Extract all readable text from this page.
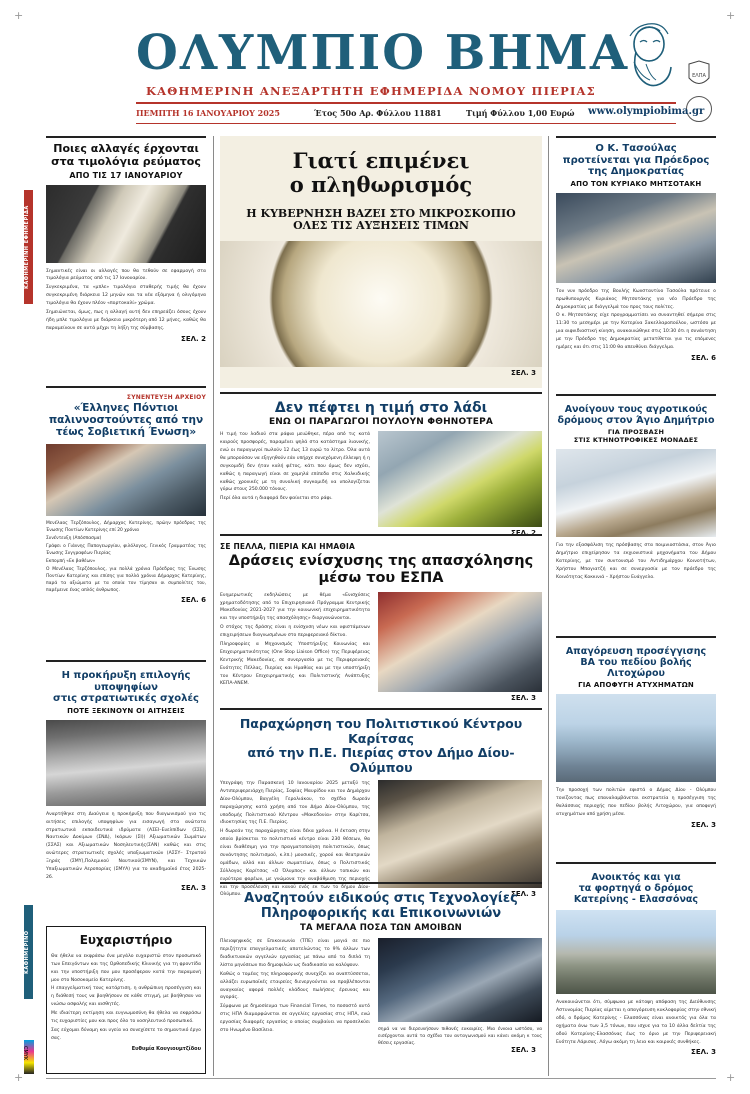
+	+
+	+
ΚΑΘΗΜΕΡΙΝΗ ΕΦΗΜΕΡΙΔΑ
ΚΑΘΗΜΕΡΙΝΟ
CMYK
ΟΛΥΜΠΙΟ ΒΗΜΑ	ΕΛΠΑ
ΚΑΘΗΜΕΡΙΝΗ ΑΝΕΞΑΡΤΗΤΗ ΕΦΗΜΕΡΙΔΑ ΝΟΜΟΥ ΠΙΕΡΙΑΣ
ΠΕΜΠΤΗ 16 ΙΑΝΟΥΑΡΙΟΥ 2025	Έτος 50ο Αρ. Φύλλου 11881	Τιμή Φύλλου 1,00 Ευρώ www.olympiobima.gr
Ποιες αλλαγές έρχονται
στα τιμολόγια ρεύματος
ΑΠΟ ΤΙΣ 17 ΙΑΝΟΥΑΡΙΟΥ

Σημαντικές είναι οι αλλαγές που θα τεθούν σε εφαρμογή στα τιμολόγια ρεύματος από τις 17 Ιανουαρίου.

Συγκεκριμένα, τα «μπλε» τιμολόγια σταθερής τιμής θα έχουν συγκεκριμένη διάρκεια 12 μηνών και τα νέα εξάμηνα ή ολιγόμηνα τιμολόγια θα έχουν πλέον «πορτοκαλί» χρώμα.

Σημειώνεται, όμως, πως η αλλαγή αυτή δεν επηρεάζει όσους έχουν ήδη μπλε τιμολόγια με διάρκεια μικρότερη από 12 μήνες, καθώς θα παραμείνουν σε αυτά μέχρι τη λήξη της σύμβασης.

ΣΕΛ. 2
Γιατί επιμένει
ο πληθωρισμός
Η ΚΥΒΕΡΝΗΣΗ ΒΑΖΕΙ ΣΤΟ ΜΙΚΡΟΣΚΟΠΙΟ
ΟΛΕΣ ΤΙΣ ΑΥΞΗΣΕΙΣ ΤΙΜΩΝ
ΣΕΛ. 3
Ο Κ. Τασούλας
προτείνεται για Πρόεδρος
της Δημοκρατίας
ΑΠΟ ΤΟΝ ΚΥΡΙΑΚΟ ΜΗΤΣΟΤΑΚΗ

Τον νυν πρόεδρο της Βουλής Κωνσταντίνο Τασούλα πρότεινε ο πρωθυπουργός Κυριάκος Μητσοτάκης για νέο Πρόεδρο της Δημοκρατίας με διάγγελμά του προς τους πολίτες.

Ο κ. Μητσοτάκης είχε προγραμματίσει να συναντηθεί σήμερα στις 11:30 το μεσημέρι με την Κατερίνα Σακελλαροπούλου, ωστόσο με μια αιφνιδιαστική κίνηση, ανακοινώθηκε στις 10:30 ότι η συνάντηση με την Πρόεδρο της Δημοκρατίας μετατίθεται για τις επόμενες ημέρες και ότι στις 11:00 θα απευθύνει διάγγελμα.

ΣΕΛ. 6
ΣΥΝΕΝΤΕΥΞΗ ΑΡΧΕΙΟΥ
«Έλληνες Πόντιοι
παλιννοστούντες από την
τέως Σοβιετική Ένωση»

Μενέλαος Τερζόπουλος, Δήμαρχος Κατερίνης, πρώην πρόεδρος της Ένωσης Ποντίων Κατερίνης επί 20 χρόνια

Συνέντευξη (Απόσπασμα)

Γράφει ο Γιάννης Παπαγεωργίου, φιλόλογος, Γενικός Γραμματέας της Ένωσης Συγγραφέων Πιερίας

Εκπομπή «Εκ βαθέων»

Ο Μενέλαος Τερζόπουλος, για πολλά χρόνια Πρόεδρος της Ένωσης Ποντίων Κατερίνης και επίσης για πολλά χρόνια Δήμαρχος Κατερίνης, παρά τα αξιώματα με τα οποία τον τίμησαν οι συμπολίτες του, παρέμεινε ένας απλός άνθρωπος.

ΣΕΛ. 6
Δεν πέφτει η τιμή στο λάδι
ΕΝΩ ΟΙ ΠΑΡΑΓΩΓΟΙ ΠΟΥΛΟΥΝ ΦΘΗΝΟΤΕΡΑ

Η τιμή του λαδιού στα ράφια μειώθηκε, πέρα από τις κατά καιρούς προσφορές, παραμένει ψηλά στα κατάστημα λιανικής, ενώ οι παραγωγοί πωλούν 12 έως 13 ευρώ το λίτρο. Όλα αυτά θα μπορούσαν να εξηγηθούν εάν υπήρχε συνεχόμενη έλλειψη ή η συγκομιδή δεν ήταν καλή φέτος, κάτι που όμως δεν ισχύει, καθώς η παραγωγή είναι σε χαμηλά επίπεδα στις Χαλκιδικής καθώς χρονικές με τη συνολική συγκομιδή να υπολογίζεται γύρω στους 250.000 τόνους.

Περί όλα αυτά η διαφορά δεν φαίνεται στο ράφι.

Ανοίγουν τους αγροτικούς
δρόμους στον Άγιο Δημήτριο
ΓΙΑ ΠΡΟΣΒΑΣΗ
ΣΤΙΣ ΚΤΗΝΟΤΡΟΦΙΚΕΣ ΜΟΝΑΔΕΣ

Για την εξασφάλιση της πρόσβασης στα ποιμνιοστάσια, στον Άγιο Δημήτριο επιχείρησαν τα εκχιονιστικά μηχανήματα του Δήμου Κατερίνης, με τον συντονισμό του Αντιδημάρχου Κοινοτήτων, Χρήστου Μπαγιατζή και σε συνεργασία με τον πρόεδρο της Κοινότητας Κοκκινιά – Χρήστου Ευάγγελο.

ΣΕ ΠΕΛΛΑ, ΠΙΕΡΙΑ ΚΑΙ ΗΜΑΘΙΑ
Δράσεις ενίσχυσης της απασχόλησης
μέσω του ΕΣΠΑ

Ενημερωτικές εκδηλώσεις με θέμα «Ενισχύσεις χρηματοδότησης από το Επιχειρησιακό Πρόγραμμα Κεντρικής Μακεδονίας 2021-2027 για την κοινωνική επιχειρηματικότητα και την υποστήριξη της απασχόλησης» διοργανώνονται.

Ο στόχος της δράσης είναι η ενίσχυση νέων και υφιστάμενων επιχειρήσεων διαγνωσμένων στο περιφερειακό δίκτυο.

Πληροφορίες α Μηχανισμός Υποστήριξης Κοινωνίας και Επιχειρηματικότητας (One Stop Liaison Office) της Περιφέρειας Κεντρικής Μακεδονίας, σε συνεργασία με τις Περιφερειακές Ενότητες Πέλλας, Πιερίας και Ημαθίας και με την υποστήριξη του Κέντρου Επιχειρηματικής και Πολιτιστικής Ανάπτυξης ΚΕΠΑ-ΑΝΕΜ.

ΣΕΛ. 3
Η προκήρυξη επιλογής
υποψηφίων
στις στρατιωτικές σχολές
ΠΟΤΕ ΞΕΚΙΝΟΥΝ ΟΙ ΑΙΤΗΣΕΙΣ

Αναρτήθηκε στη Διαύγεια η προκήρυξη που διαγωνισμού για τις αιτήσεις επιλογής υποψηφίων για εισαγωγή στα ανώτατα στρατιωτικά εκπαιδευτικά ιδρύματα (ΑΣΕΙ–Ευελπίδων (ΣΣΕ), Ναυτικών Δοκίμων (ΣΝΔ), Ικάρων (ΣΙ)) Αξιωματικών Σωμάτων (ΣΣΑΣ) και Αξιωματικών Νοσηλευτικής(ΣΑΝ) καθώς και στις ανώτερες στρατιωτικές σχολές υπαξιωματικών (ΑΣΣΥ– Στρατού Ξηράς (ΣΜΥ),Πολεμικού Ναυτικού(ΣΜΥΝ), και Τεχνικών Υπαξιωματικών Αεροπορίας (ΣΜΥΑ) για το ακαδημαϊκό έτος 2025-26.

ΣΕΛ. 3
Απαγόρευση προσέγγισης
ΒΑ του πεδίου βολής
Λιτοχώρου
ΓΙΑ ΑΠΟΦΥΓΗ ΑΤΥΧΗΜΑΤΩΝ

Την προσοχή των πολιτών εφιστά ο Δήμος Δίου - Ολύμπου τονίζοντας πως επαναλαμβάνεται εκστρατεία η προσέγγιση της θαλάσσιας περιοχής που πεδίου βολής Λιτοχώρου, για αποφυγή ατυχημάτων από χρήση μέσα.

ΣΕΛ. 3
Παραχώρηση του Πολιτιστικού Κέντρου Καρίτσας
από την Π.Ε. Πιερίας στον Δήμο Δίου-Ολύμπου

Υπεγράφη την Παρασκευή 10 Ιανουαρίου 2025 μεταξύ της Αντιπεριφερειάρχη Πιερίας, Σοφίας Μαυρίδου και του Δημάρχου Δίου-Ολύμπου, Βαγγέλη Γερολιάκου, το σχέδιο δωρεάν παραχώρησης κατά χρήση από τον Δήμο Δίου-Ολύμπου, της υποδομής Πολιτιστικού Κέντρου «Μακεδονία» στην Καρίτσα, ιδιοκτησίας της Π.Ε. Πιερίας.

Η δωρεάν της παραχώρησης είναι δέκα χρόνια. Η έκταση στην οποία βρίσκεται το πολιτιστικό κέντρο είναι 230 θέσεων, θα είναι διαθέσιμη για την πραγματοποίηση πολιτιστικών, όπως συνάντησης πολιτισμού, κ.λπ.) μουσικές, χορού και θεατρικών ομάδων, αλλά και άλλων σωματείων, όπως ο Πολιτιστικός Σύλλογος Καρίτσας «Ο Όλυμπος» και άλλων τοπικών και ευρύτερα φορέων, με γνώμονα την αναβάθμιση της περιοχής και την προσέλευση και κανού ενός εκ των το δήμου Δίου-Ολύμπου.	ΣΕΛ. 3
Αναζητούν ειδικούς στις Τεχνολογίες
Πληροφορικής και Επικοινωνιών
ΤΑ ΜΕΓΑΛΑ ΠΟΣΑ ΤΩΝ ΑΜΟΙΒΩΝ

Πλειοψηφικός σε Επικοινωνία (ΤΠΕ) είναι μαγιά σε πιο περιζήτητα επαγγελματικές αποτελώντας το 9% άλλων των διαδικτυακών αγγελιών εργασίας με πάνω από τα διπλά τη λίστα μηνύσεων πιο δημοφιλών ως διαδικασία να καλύψουν.

Καθώς ο τομέας της πληροφορικής συνεχίζει να αναπτύσσεται, αλλάζει ευρωπαϊκές εταιρείες διενεργούνται να προβλέπονται αναγκαίος αφορά πολλές κλάδους πωλήσεις έρευνας και αγοράς.

Σύμφωνα με δημοσίευμα των Financial Times, το ποσοστό αυτό στις ΗΠΑ διαμορφώνεται σε αγγελίες εργασίας στις ΗΠΑ, ενώ εργασίας διαφορές εργασίας ο οποίος συμβαίνει να προσελκύει στο Ηνωμένο Βασίλειο.	σημά να να διερευνήσουν πιθανές ευκαιρίες. Μια έννοια ωστόσο, να εισέρχονται αυτά τα σχέδια του ανταγωνισμού και κάνει ακόμη κ τους θέσεις εργασίας.
ΣΕΛ. 3
Ευχαριστήριο

Θα ήθελα να εκφράσω ένα μεγάλο ευχαριστώ στον προσωπικό των Επειγόντων και της Ορθοπεδικής Κλινικής για τη φροντίδα και την υποστήριξη που μου προσέφεραν κατά την παραμονή μου στο Νοσοκομείο Κατερίνης.

Η επαγγελματική τους κατάρτιση, η ανθρώπινη προσέγγιση και η διάθεσή τους να βοηθήσουν σε κάθε στιγμή, με βοήθησαν να νιώσω ασφαλής και αισθητές.

Με ιδιαίτερη εκτίμηση και ευγνωμοσύνη θα ήθελα να εκφράσω τις ευχαριστίες μου και προς όλο το νοσηλευτικό προσωπικό.

Σας εύχομαι δύναμη και υγεία να συνεχίσετε το σημαντικό έργο σας.

Ευθυμία Κουγιουμτζίδου
Ανοικτός και για
τα φορτηγά ο δρόμος
Κατερίνης - Ελασσόνας

Ανακοινώνεται ότι, σύμφωνα με κάτοψη απόφαση της Διεύθυνσης Αστυνομίας Πιερίας αίρεται η απαγόρευση κυκλοφορίας στην εθνική οδό, ο δρόμος Κατερίνης - Ελασσόνας είναι ανοικτός για όλα τα οχήματα άνω των 3,5 τόνων, που ισχυε για τα 10 άλλα δελτία της οδού Κατερίνης-Ελασσόνας έως το όριο με την Περιφερειακή Ενότητα Λάρισας. Λόγω ακόμη τη λεια και καιρικές συνθήκες.

ΣΕΛ. 3
